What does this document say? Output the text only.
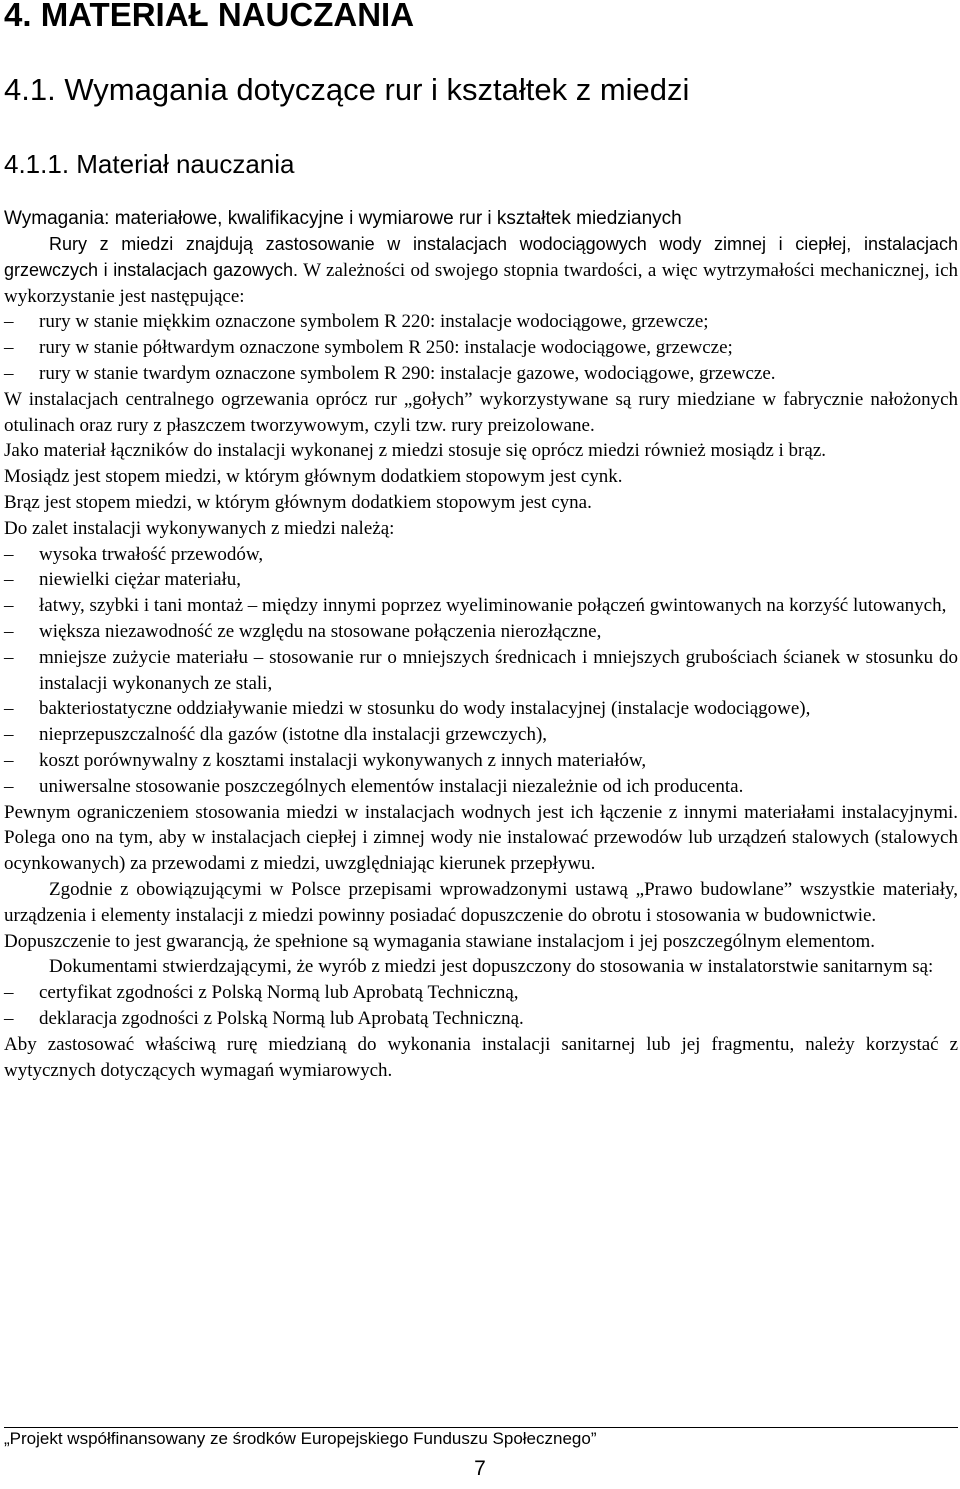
4. MATERIAŁ NAUCZANIA
4.1. Wymagania dotyczące rur i kształtek z miedzi
4.1.1. Materiał nauczania
Wymagania: materiałowe, kwalifikacyjne i wymiarowe rur i kształtek miedzianych

Rury z miedzi znajdują zastosowanie w instalacjach wodociągowych wody zimnej i ciepłej, instalacjach grzewczych i instalacjach gazowych. W zależności od swojego stopnia twardości, a więc wytrzymałości mechanicznej, ich wykorzystanie jest następujące:

– rury w stanie miękkim oznaczone symbolem R 220: instalacje wodociągowe, grzewcze;

– rury w stanie półtwardym oznaczone symbolem R 250: instalacje wodociągowe, grzewcze;

– rury w stanie twardym oznaczone symbolem R 290: instalacje gazowe, wodociągowe, grzewcze.

W instalacjach centralnego ogrzewania oprócz rur „gołych” wykorzystywane są rury miedziane w fabrycznie nałożonych otulinach oraz rury z płaszczem tworzywowym, czyli tzw. rury preizolowane.

Jako materiał łączników do instalacji wykonanej z miedzi stosuje się oprócz miedzi również mosiądz i brąz.

Mosiądz jest stopem miedzi, w którym głównym dodatkiem stopowym jest cynk.

Brąz jest stopem miedzi, w którym głównym dodatkiem stopowym jest cyna.

Do zalet instalacji wykonywanych z miedzi należą:

– wysoka trwałość przewodów,

– niewielki ciężar materiału,

– łatwy, szybki i tani montaż – między innymi poprzez wyeliminowanie połączeń gwintowanych na korzyść lutowanych,

– większa niezawodność ze względu na stosowane połączenia nierozłączne,

– mniejsze zużycie materiału – stosowanie rur o mniejszych średnicach i mniejszych grubościach ścianek w stosunku do instalacji wykonanych ze stali,

– bakteriostatyczne oddziaływanie miedzi w stosunku do wody instalacyjnej (instalacje wodociągowe),

– nieprzepuszczalność dla gazów (istotne dla instalacji grzewczych),

– koszt porównywalny z kosztami instalacji wykonywanych z innych materiałów,

– uniwersalne stosowanie poszczególnych elementów instalacji niezależnie od ich producenta.

Pewnym ograniczeniem stosowania miedzi w instalacjach wodnych jest ich łączenie z innymi materiałami instalacyjnymi. Polega ono na tym, aby w instalacjach ciepłej i zimnej wody nie instalować przewodów lub urządzeń stalowych (stalowych ocynkowanych) za przewodami z miedzi, uwzględniając kierunek przepływu.

Zgodnie z obowiązującymi w Polsce przepisami wprowadzonymi ustawą „Prawo budowlane” wszystkie materiały, urządzenia i elementy instalacji z miedzi powinny posiadać dopuszczenie do obrotu i stosowania w budownictwie.

Dopuszczenie to jest gwarancją, że spełnione są wymagania stawiane instalacjom i jej poszczególnym elementom.

Dokumentami stwierdzającymi, że wyrób z miedzi jest dopuszczony do stosowania w instalatorstwie sanitarnym są:

– certyfikat zgodności z Polską Normą lub Aprobatą Techniczną,

– deklaracja zgodności z Polską Normą lub Aprobatą Techniczną.

Aby zastosować właściwą rurę miedzianą do wykonania instalacji sanitarnej lub jej fragmentu, należy korzystać z wytycznych dotyczących wymagań wymiarowych.

„Projekt współfinansowany ze środków Europejskiego Funduszu Społecznego”
7
